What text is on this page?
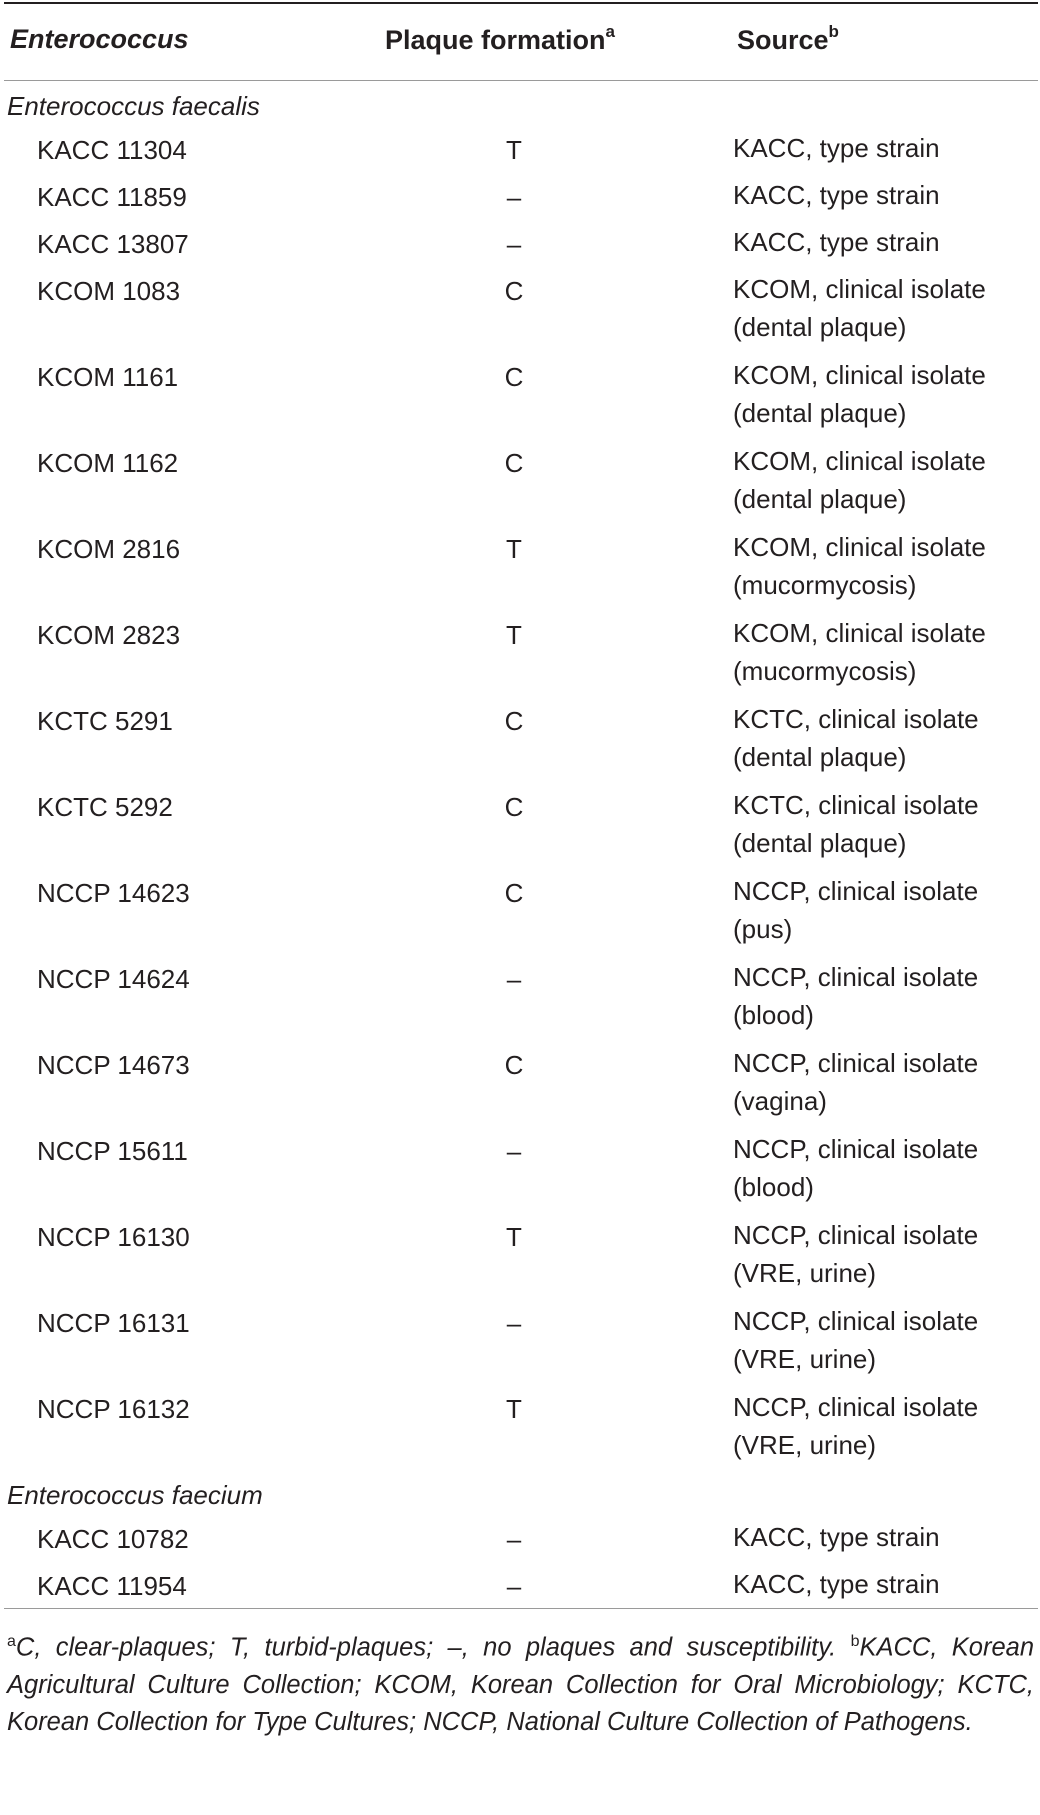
Enterococcus	Plaque formation$^a$	Source$^b$
Enterococcus faecalis
KACC 11304	T	KACC, type strain
KACC 11859	–	KACC, type strain
KACC 13807	–	KACC, type strain
KCOM 1083	C	KCOM, clinical isolate
(dental plaque)
KCOM 1161	C	KCOM, clinical isolate
(dental plaque)
KCOM 1162	C	KCOM, clinical isolate
(dental plaque)
KCOM 2816	T	KCOM, clinical isolate
(mucormycosis)
KCOM 2823	T	KCOM, clinical isolate
(mucormycosis)
KCTC 5291	C	KCTC, clinical isolate
(dental plaque)
KCTC 5292	C	KCTC, clinical isolate
(dental plaque)
NCCP 14623	C	NCCP, clinical isolate
(pus)
NCCP 14624	–	NCCP, clinical isolate
(blood)
NCCP 14673	C	NCCP, clinical isolate
(vagina)
NCCP 15611	–	NCCP, clinical isolate
(blood)
NCCP 16130	T	NCCP, clinical isolate
(VRE, urine)
NCCP 16131	–	NCCP, clinical isolate
(VRE, urine)
NCCP 16132	T	NCCP, clinical isolate
(VRE, urine)
Enterococcus faecium
KACC 10782	–	KACC, type strain
KACC 11954	–	KACC, type strain
$^a$C, clear-plaques; T, turbid-plaques; –, no plaques and susceptibility. $^b$KACC, Korean Agricultural Culture Collection; KCOM, Korean Collection for Oral Microbiology; KCTC, Korean Collection for Type Cultures; NCCP, National Culture Collection of Pathogens.
